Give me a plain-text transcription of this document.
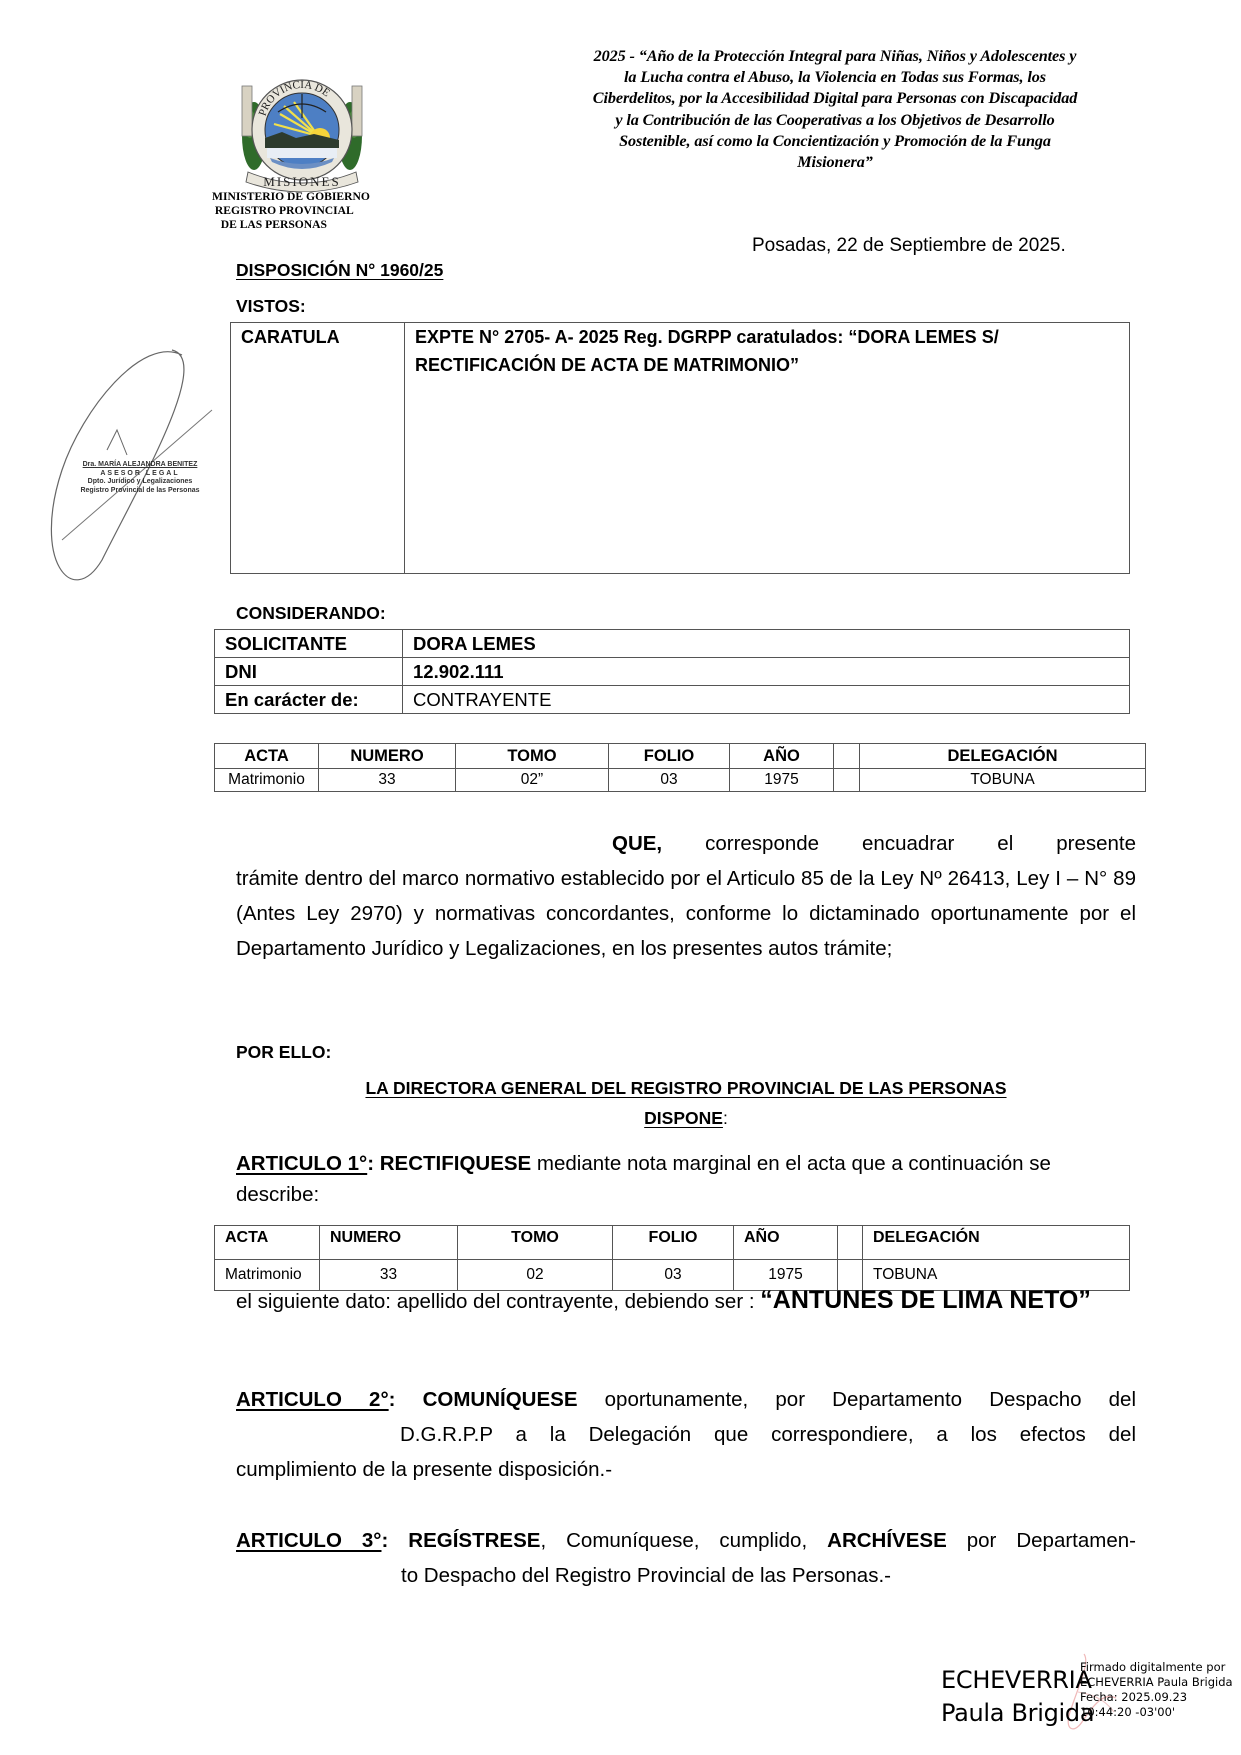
2025 - “Año de la Protección Integral para Niñas, Niños y Adolescentes y
la Lucha contra el Abuso, la Violencia en Todas sus Formas, los
Ciberdelitos, por la Accesibilidad Digital para Personas con Discapacidad
y la Contribución de las Cooperativas a los Objetivos de Desarrollo
Sostenible, así como la Concientización y Promoción de la Funga
Misionera”
PROVINCIA DE
MISIONES
MINISTERIO DE GOBIERNO
REGISTRO PROVINCIAL
DE LAS PERSONAS
Posadas, 22 de Septiembre de 2025.
DISPOSICIÓN N° 1960/25
VISTOS:
Dra. MARÍA ALEJANDRA BENITEZ
ASESOR LEGAL
Dpto. Jurídico y Legalizaciones
Registro Provincial de las Personas
CARATULA	EXPTE N° 2705- A- 2025 Reg. DGRPP caratulados: “DORA LEMES S/
RECTIFICACIÓN DE ACTA DE MATRIMONIO”
CONSIDERANDO:
SOLICITANTE	DORA LEMES
DNI	12.902.111
En carácter de:	CONTRAYENTE
ACTA	NUMERO	TOMO	FOLIO	AÑO		DELEGACIÓN
Matrimonio	33	02”	03	1975		TOBUNA
QUE, corresponde encuadrar el presente
trámite dentro del marco normativo establecido por el Articulo 85 de la Ley Nº 26413, Ley I – N° 89 (Antes Ley 2970) y normativas concordantes, conforme lo dictaminado oportunamente por el Departamento Jurídico y Legalizaciones, en los presentes autos trámite;
POR ELLO:
LA DIRECTORA GENERAL DEL REGISTRO PROVINCIAL DE LAS PERSONAS
DISPONE:
ARTICULO 1°: RECTIFIQUESE mediante nota marginal en el acta que a continuación se describe:
ACTA	NUMERO	TOMO	FOLIO	AÑO		DELEGACIÓN
Matrimonio	33	02	03	1975		TOBUNA
el siguiente dato: apellido del contrayente, debiendo ser : “ANTUNES DE LIMA NETO”
ARTICULO 2°: COMUNÍQUESE oportunamente, por Departamento Despacho del
D.G.R.P.P a la Delegación que correspondiere, a los efectos del
cumplimiento de la presente disposición.-
ARTICULO 3°: REGÍSTRESE, Comuníquese, cumplido, ARCHÍVESE por Departamen-
to Despacho del Registro Provincial de las Personas.-
ECHEVERRIA
Paula Brigida
Firmado digitalmente por
ECHEVERRIA Paula Brigida
Fecha: 2025.09.23
10:44:20 -03'00'
